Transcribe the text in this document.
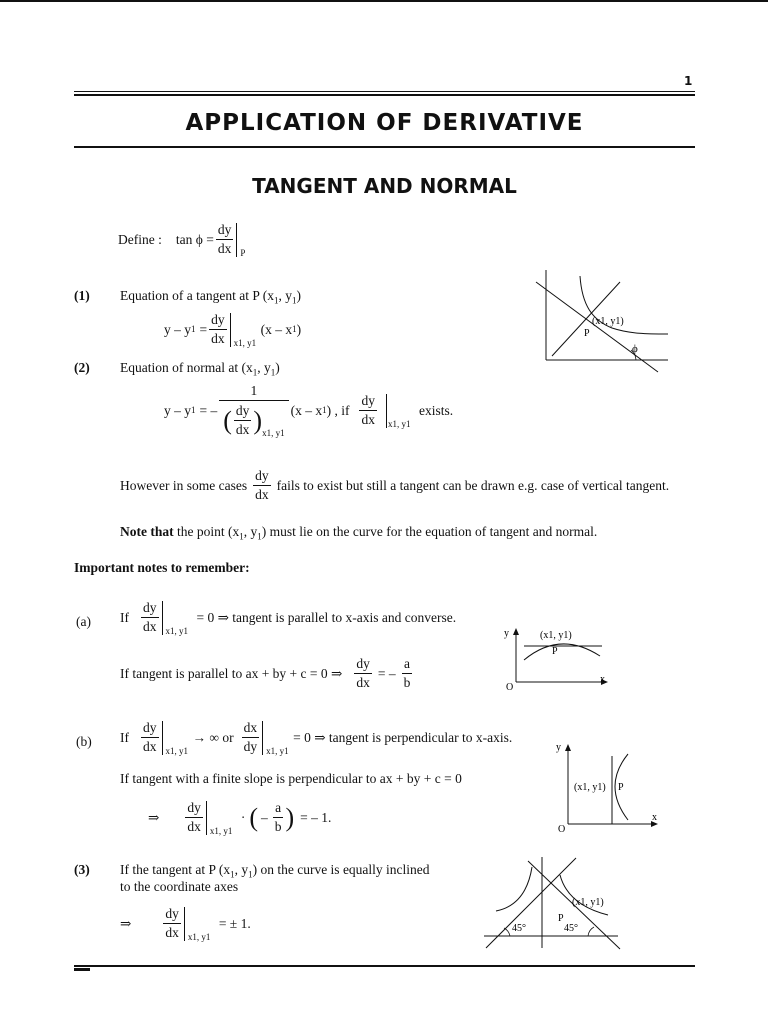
1
APPLICATION OF DERIVATIVE
TANGENT AND NORMAL
Define : $\tan \phi = \frac{dy}{dx}$ P
(1) Equation of a tangent at P ($x_1$, $y_1$)
y – y $1 = \frac{dy}{dx} x1$, y1
(x – x 1 )
(2) Equation of normal at ($x_1$, $y_1$)
y – y 1 = – $\frac{1}{( \frac{dy}{dx} ) x1, y1} (x$ – x 1 ) , if $\frac{dy}{dx} x1$, y1
exists.
However in some cases $\frac{dy}{dx}$ fails to exist but still a tangent can be drawn e.g. case of vertical tangent.
Note that the point ($x_1$, $y_1$) must lie on the curve for the equation of tangent and normal.
Important notes to remember:
(a) If $\frac{dy}{dx} x1$, y1
= 0 ⇒ tangent is parallel to x-axis and converse.
If tangent is parallel to ax + by + c = 0 ⇒ $\frac{dy}{dx}$ = – $\frac{a}{b}$
(b) If $\frac{dy}{dx} x1$, y1
→ ∞ or $\frac{dx}{dy} x1$, y1
= 0 ⇒ tangent is perpendicular to x-axis.
If tangent with a finite slope is perpendicular to ax + by + c = 0
⇒ $\frac{dy}{dx} x1$, y1
· ( – $\frac{a}{b}$ ) = – 1.
(3) If the tangent at P ($x_1$, $y_1$) on the curve is equally inclined
to the coordinate axes
⇒ $\frac{dy}{dx} x1$, y1
= ± 1.
(x1, y1)
P
ϕ
y
x
O
(x1, y1)
P
y
x
O
(x1, y1) P
(x1, y1)
P
45°	45°
